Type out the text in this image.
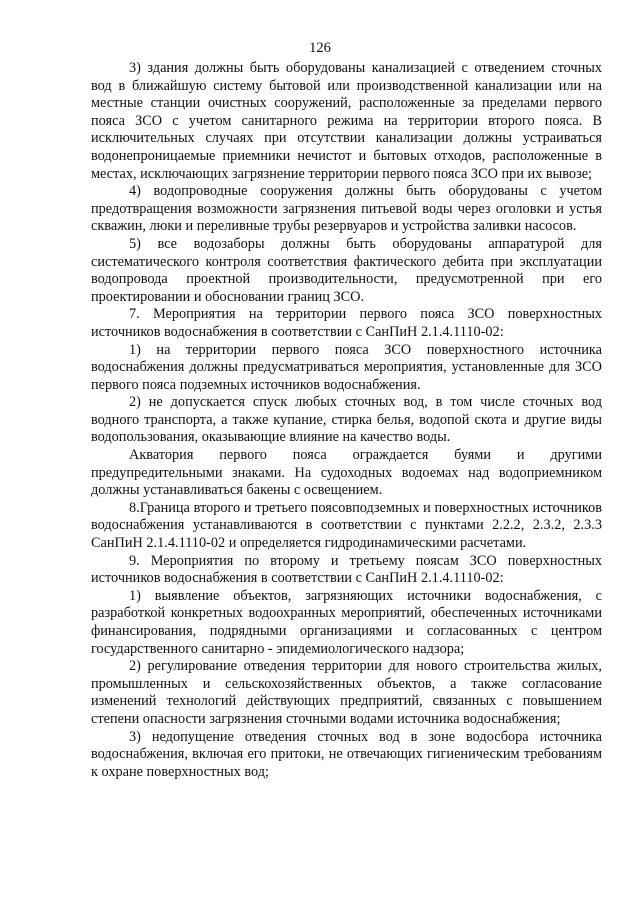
126

3) здания должны быть оборудованы канализацией с отведением сточных вод в ближайшую систему бытовой или производственной канализации или на местные станции очистных сооружений, расположенные за пределами первого пояса ЗСО с учетом санитарного режима на территории второго пояса. В исключительных случаях при отсутствии канализации должны устраиваться водонепроницаемые приемники нечистот и бытовых отходов, расположенные в местах, исключающих загрязнение территории первого пояса ЗСО при их вывозе;

4) водопроводные сооружения должны быть оборудованы с учетом предотвращения возможности загрязнения питьевой воды через оголовки и устья скважин, люки и переливные трубы резервуаров и устройства заливки насосов.

5) все водозаборы должны быть оборудованы аппаратурой для систематического контроля соответствия фактического дебита при эксплуатации водопровода проектной производительности, предусмотренной при его проектировании и обосновании границ ЗСО.

7. Мероприятия на территории первого пояса ЗСО поверхностных источников водоснабжения в соответствии с СанПиН 2.1.4.1110-02:

1) на территории первого пояса ЗСО поверхностного источника водоснабжения должны предусматриваться мероприятия, установленные для ЗСО первого пояса подземных источников водоснабжения.

2) не допускается спуск любых сточных вод, в том числе сточных вод водного транспорта, а также купание, стирка белья, водопой скота и другие виды водопользования, оказывающие влияние на качество воды.

Акватория первого пояса ограждается буями и другими предупредительными знаками. На судоходных водоемах над водоприемником должны устанавливаться бакены с освещением.

8.Граница второго и третьего поясовподземных и поверхностных источников водоснабжения устанавливаются в соответствии с пунктами 2.2.2, 2.3.2, 2.3.3 СанПиН 2.1.4.1110-02 и определяется гидродинамическими расчетами.

9. Мероприятия по второму и третьему поясам ЗСО поверхностных источников водоснабжения в соответствии с СанПиН 2.1.4.1110-02:

1) выявление объектов, загрязняющих источники водоснабжения, с разработкой конкретных водоохранных мероприятий, обеспеченных источниками финансирования, подрядными организациями и согласованных с центром государственного санитарно - эпидемиологического надзора;

2) регулирование отведения территории для нового строительства жилых, промышленных и сельскохозяйственных объектов, а также согласование изменений технологий действующих предприятий, связанных с повышением степени опасности загрязнения сточными водами источника водоснабжения;

3) недопущение отведения сточных вод в зоне водосбора источника водоснабжения, включая его притоки, не отвечающих гигиеническим требованиям к охране поверхностных вод;
